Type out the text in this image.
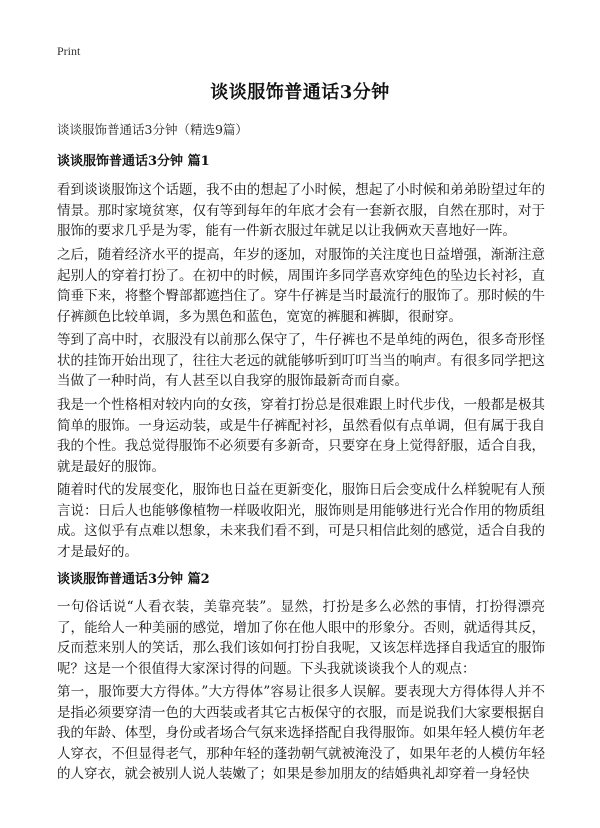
Print
谈谈服饰普通话3分钟
谈谈服饰普通话3分钟（精选9篇）
谈谈服饰普通话3分钟 篇1
看到谈谈服饰这个话题，我不由的想起了小时候，想起了小时候和弟弟盼望过年的情景。那时家境贫寒，仅有等到每年的年底才会有一套新衣服，自然在那时，对于服饰的要求几乎是为零，能有一件新衣服过年就足以让我俩欢天喜地好一阵。
之后，随着经济水平的提高，年岁的逐加，对服饰的关注度也日益增强，渐渐注意起别人的穿着打扮了。在初中的时候，周围许多同学喜欢穿纯色的坠边长衬衫，直筒垂下来，将整个臀部都遮挡住了。穿牛仔裤是当时最流行的服饰了。那时候的牛仔裤颜色比较单调，多为黑色和蓝色，宽宽的裤腿和裤脚，很耐穿。
等到了高中时，衣服没有以前那么保守了，牛仔裤也不是单纯的两色，很多奇形怪状的挂饰开始出现了，往往大老远的就能够听到叮叮当当的响声。有很多同学把这当做了一种时尚，有人甚至以自我穿的服饰最新奇而自豪。
我是一个性格相对较内向的女孩，穿着打扮总是很难跟上时代步伐，一般都是极其简单的服饰。一身运动装，或是牛仔裤配衬衫，虽然看似有点单调，但有属于我自我的个性。我总觉得服饰不必须要有多新奇，只要穿在身上觉得舒服，适合自我，就是最好的服饰。
随着时代的发展变化，服饰也日益在更新变化，服饰日后会变成什么样貌呢有人预言说：日后人也能够像植物一样吸收阳光，服饰则是用能够进行光合作用的物质组成。这似乎有点难以想象，未来我们看不到，可是只相信此刻的感觉，适合自我的才是最好的。
谈谈服饰普通话3分钟 篇2
一句俗话说“人看衣装，美靠亮装”。显然，打扮是多么必然的事情，打扮得漂亮了，能给人一种美丽的感觉，增加了你在他人眼中的形象分。否则，就适得其反，反而惹来别人的笑话，那么我们该如何打扮自我呢，又该怎样选择自我适宜的服饰呢？这是一个很值得大家深讨得的问题。下头我就谈谈我个人的观点：
第一，服饰要大方得体。”大方得体”容易让很多人误解。要表现大方得体得人并不是指必须要穿清一色的大西装或者其它古板保守的衣服，而是说我们大家要根据自我的年龄、体型，身份或者场合气氛来选择搭配自我得服饰。如果年轻人模仿年老人穿衣，不但显得老气，那种年轻的蓬勃朝气就被淹没了，如果年老的人模仿年轻的人穿衣，就会被别人说人装嫩了；如果是参加朋友的结婚典礼却穿着一身轻快
